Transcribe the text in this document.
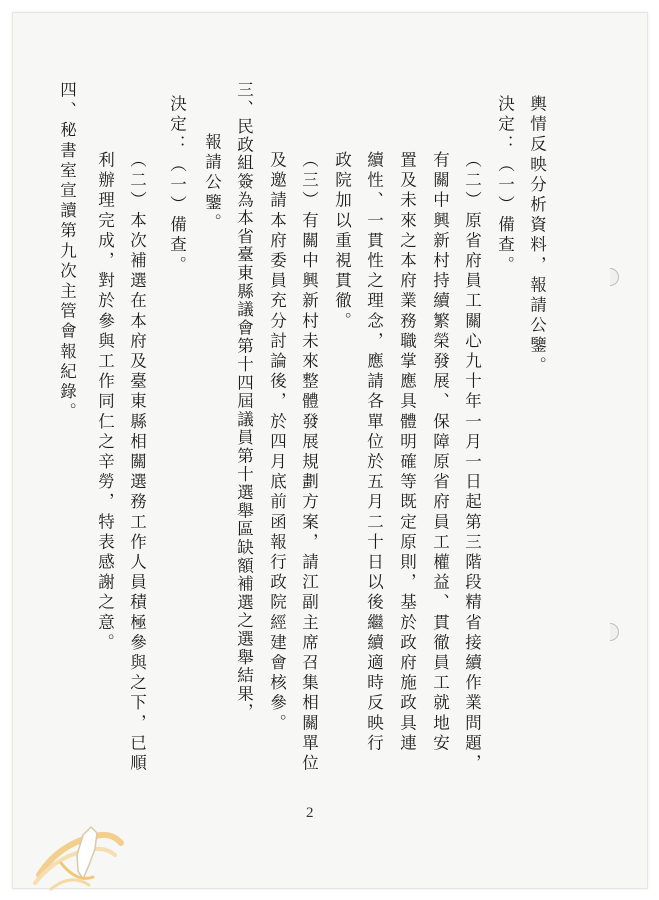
輿情反映分析資料，報請公鑒。
決定：（一）備查。
（二）原省府員工關心九十年一月一日起第三階段精省接續作業問題，
有關中興新村持續繁榮發展、保障原省府員工權益、貫徹員工就地安
置及未來之本府業務職掌應具體明確等既定原則，基於政府施政具連
續性、一貫性之理念，應請各單位於五月二十日以後繼續適時反映行
政院加以重視貫徹。
（三）有關中興新村未來整體發展規劃方案，請江副主席召集相關單位
及邀請本府委員充分討論後，於四月底前函報行政院經建會核參。
三、民政組簽為本省臺東縣議會第十四屆議員第十選舉區缺額補選之選舉結果，
報請公鑒。
決定：（一）備查。
（二）本次補選在本府及臺東縣相關選務工作人員積極參與之下，已順
利辦理完成，對於參與工作同仁之辛勞，特表感謝之意。
四、秘書室宣讀第九次主管會報紀錄。
2
